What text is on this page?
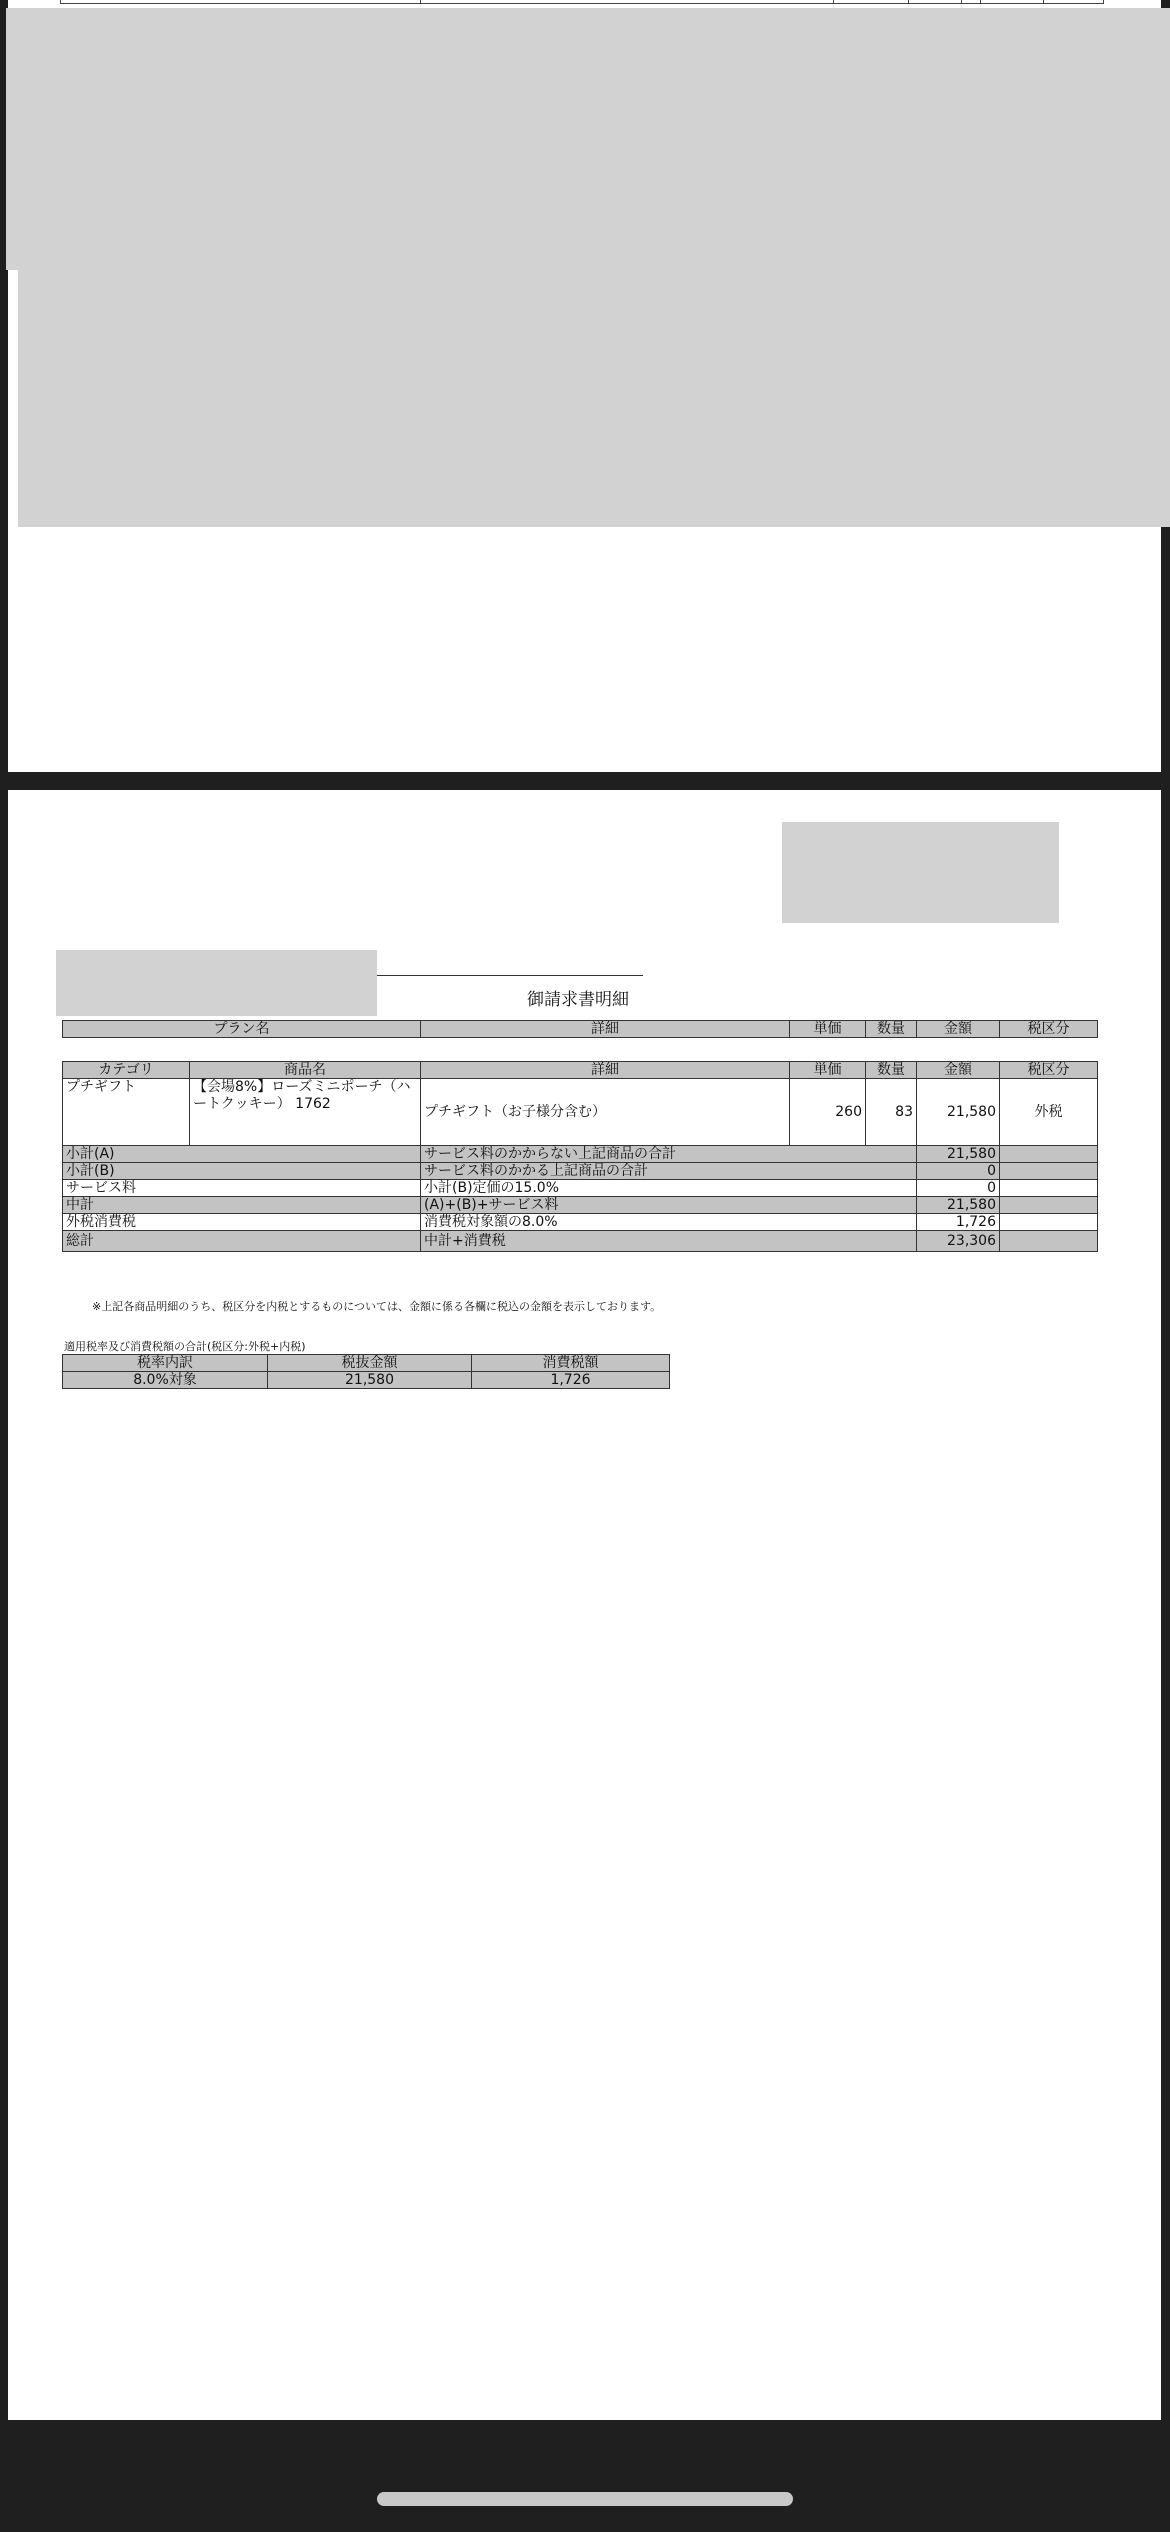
御請求書明細
プラン名	詳細	単価	数量	金額	税区分
カテゴリ	商品名	詳細	単価	数量	金額	税区分
プチギフト	【会場8%】ローズミニポーチ（ハートクッキー） 1762	プチギフト（お子様分含む）	260	83	21,580	外税
小計(A)		サービス料のかからない上記商品の合計			21,580	
小計(B)		サービス料のかかる上記商品の合計			0	
サービス料		小計(B)定価の15.0%			0	
中計		(A)+(B)+サービス料			21,580	
外税消費税		消費税対象額の8.0%			1,726	
総計		中計+消費税			23,306	
※上記各商品明細のうち、税区分を内税とするものについては、金額に係る各欄に税込の金額を表示しております。
適用税率及び消費税額の合計(税区分:外税+内税)
税率内訳	税抜金額	消費税額
8.0%対象	21,580	1,726
